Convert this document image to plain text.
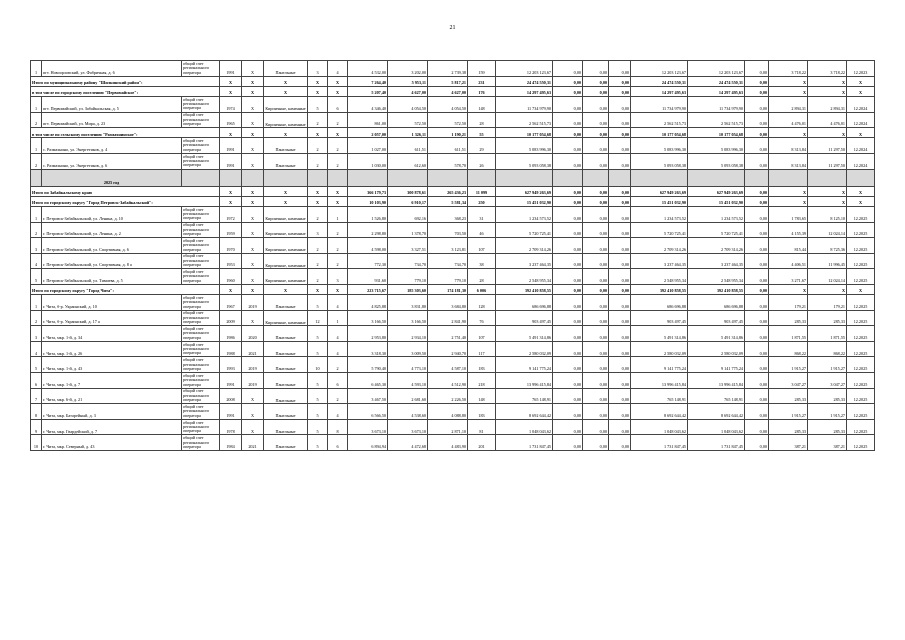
21
1	пгт. Новоорловский, ул. Фабричная, д. 6	общий счет регионального оператора	1991	X	Панельные	3	4	4 532,00	3 202,00	2 739,38	159	12 203 123,67	0,00	0,00	0,00	12 203 123,67	12 203 123,67	0,00	3 718,22	3 718,22	12.2023
Итого по муниципальному району "Шилкинский район":			X	X	X	X	X	7 264,40	5 953,11	5 817,21	231	24 474 550,31	0,00	0,00	0,00	24 474 550,31	24 474 550,31	0,00	X	X	X
в том числе по городскому поселению "Первомайское":			X	X	X	X	X	5 207,40	4 627,00	4 627,00	176	14 297 495,63	0,00	0,00	0,00	14 297 495,63	14 297 495,63	0,00	X	X	X
1	пгт. Первомайский, ул. Забайкальская, д. 5	общий счет регионального оператора	1974	X	Кирпичные, каменные	5	6	4 346,40	4 054,50	4 054,50	148	11 734 979,90	0,00	0,00	0,00	11 734 979,90	11 734 979,90	0,00	2 894,31	2 894,31	12.2024
2	пгт. Первомайский, ул. Мира, д. 23	общий счет регионального оператора	1965	X	Кирпичные, каменные	2	2	861,00	572,50	572,50	28	2 562 515,73	0,00	0,00	0,00	2 562 515,73	2 562 515,73	0,00	4 476,01	4 476,01	12.2024
в том числе по сельскому поселению "Размахнинское":			X	X	X	X	X	2 057,00	1 326,11	1 190,21	55	10 177 054,68	0,00	0,00	0,00	10 177 054,68	10 177 054,68	0,00	X	X	X
1	с. Размахнино, ул. Энергетиков, д. 4	общий счет регионального оператора	1991	X	Панельные	2	2	1 027,00	611,51	611,51	29	5 083 996,30	0,00	0,00	0,00	5 083 996,30	5 083 996,30	0,00	8 313,84	11 297,50	12.2024
2	с. Размахнино, ул. Энергетиков, д. 6	общий счет регионального оператора	1991	X	Панельные	2	2	1 030,00	612,60	578,70	26	5 093 058,38	0,00	0,00	0,00	5 093 058,38	5 093 058,38	0,00	8 313,84	11 297,50	12.2024
	2025 год																				
Итого по Забайкальскому краю			X	X	X	X	X	366 179,73	300 878,61	265 436,23	11 099	627 949 263,69	0,00	0,00	0,00	627 949 263,69	627 949 263,69	0,00	X	X	X
Итого по городскому округу "Город Петровск-Забайкальский":			X	X	X	X	X	10 103,90	6 910,17	5 581,34	250	15 451 032,90	0,00	0,00	0,00	15 451 032,90	15 451 032,90	0,00	X	X	X
1	г. Петровск-Забайкальский, ул. Ленина, д. 10	общий счет регионального оператора	1972	X	Кирпичные, каменные	2	1	1 526,80	692,16	368,23	31	1 234 573,52	0,00	0,00	0,00	1 234 573,52	1 234 573,52	0,00	1 783,65	8 125,10	12.2025
2	г. Петровск-Забайкальский, ул. Ленина, д. 2	общий счет регионального оператора	1959	X	Кирпичные, каменные	3	2	2 298,80	1 378,70	703,50	46	5 720 725,41	0,00	0,00	0,00	5 720 725,41	5 720 725,41	0,00	4 155,39	12 024,14	12.2025
3	г. Петровск-Забайкальский, ул. Спортивная, д. 6	общий счет регионального оператора	1970	X	Кирпичные, каменные	2	2	4 598,00	3 327,51	3 123,81	107	2 709 314,26	0,00	0,00	0,00	2 709 314,26	2 709 314,26	0,00	815,44	8 725,36	12.2025
4	г. Петровск-Забайкальский, ул. Спортивная, д. 8 а	общий счет регионального оператора	1953	X	Кирпичные, каменные	2	2	772,30	734,70	734,70	38	3 237 464,35	0,00	0,00	0,00	3 237 464,35	3 237 464,35	0,00	4 406,51	11 996,45	12.2025
5	г. Петровск-Забайкальский, ул. Тимиева, д. 5	общий счет регионального оператора	1960	X	Кирпичные, каменные	2	3	931,60	779,10	779,10	28	2 548 955,34	0,00	0,00	0,00	2 548 955,34	2 548 955,34	0,00	3 271,67	12 024,14	12.2025
Итого по городскому округу "Город Чита":			X	X	X	X	X	223 715,67	185 303,60	174 181,30	6 006	392 410 858,55	0,00	0,00	0,00	392 410 858,55	392 410 858,55	0,00	X	X	X
1	г. Чита, б-р. Украинский, д. 10	общий счет регионального оператора	1967	2019	Панельные	5	4	4 825,88	3 831,80	3 684,80	128	686 696,88	0,00	0,00	0,00	686 696,88	686 696,88	0,00	179,21	179,21	12.2025
2	г. Чита, б-р. Украинский, д. 17 а	общий счет регионального оператора	2009	X	Кирпичные, каменные	12	1	3 166,50	3 166,50	2 841,90	76	903 497,45	0,00	0,00	0,00	903 497,45	903 497,45	0,00	285,33	285,33	12.2025
3	г. Чита, мкр. 1-й, д. 34	общий счет регионального оператора	1986	2020	Панельные	5	4	2 953,80	2 934,10	2 751,40	107	5 491 314,86	0,00	0,00	0,00	5 491 314,86	5 491 314,86	0,00	1 871,55	1 871,55	12.2025
4	г. Чита, мкр. 1-й, д. 26	общий счет регионального оператора	1988	2021	Панельные	5	4	3 318,30	3 009,50	2 940,70	117	2 580 032,09	0,00	0,00	0,00	2 580 032,09	2 580 032,09	0,00	868,22	868,22	12.2025
5	г. Чита, мкр. 1-й, д. 43	общий счет регионального оператора	1993	2019	Панельные	10	2	5 790,40	4 773,10	4 587,10	183	9 141 775,24	0,00	0,00	0,00	9 141 775,24	9 141 775,24	0,00	1 915,27	1 915,27	12.2025
6	г. Чита, мкр. 1-й, д. 7	общий счет регионального оператора	1991	2019	Панельные	5	6	6 465,30	4 593,10	4 512,90	218	13 996 415,84	0,00	0,00	0,00	13 996 415,84	13 996 415,84	0,00	3 047,27	3 047,27	12.2025
7	г. Чита, мкр. 6-й, д. 21	общий счет регионального оператора	2008	X	Панельные	5	2	3 467,50	2 681,60	2 226,50	148	765 148,91	0,00	0,00	0,00	765 148,91	765 148,91	0,00	285,33	285,33	12.2025
8	г. Чита, мкр. Батарейный, д. 3	общий счет регионального оператора	1991	X	Панельные	5	4	6 566,50	4 538,60	4 088,80	183	8 692 644,42	0,00	0,00	0,00	8 692 644,42	8 692 644,42	0,00	1 915,27	1 915,27	12.2025
9	г. Чита, мкр. Гвардейский, д. 7	общий счет регионального оператора	1978	X	Панельные	5	8	3 673,10	3 673,10	2 871,10	81	1 048 043,62	0,00	0,00	0,00	1 048 043,62	1 048 043,62	0,00	285,33	285,33	12.2025
10	г. Чита, мкр. Северный, д. 43	общий счет регионального оператора	1984	2021	Панельные	5	6	6 894,94	4 472,68	4 483,90	201	1 731 847,45	0,00	0,00	0,00	1 731 847,45	1 731 847,45	0,00	387,21	387,21	12.2025
